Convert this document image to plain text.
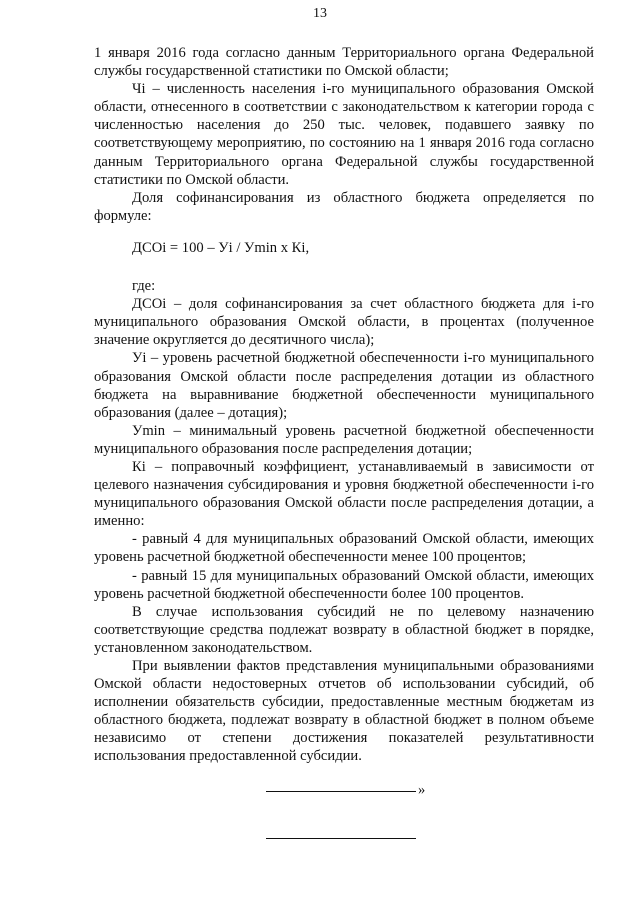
13

1 января 2016 года согласно данным Территориального органа Федеральной службы государственной статистики по Омской области;

Чi – численность населения i-го муниципального образования Омской области, отнесенного в соответствии с законодательством к категории города с численностью населения до 250 тыс. человек, подавшего заявку по соответствующему мероприятию, по состоянию на 1 января 2016 года согласно данным Территориального органа Федеральной службы государственной статистики по Омской области.

Доля софинансирования из областного бюджета определяется по формуле:

ДСОi = 100 – Уi / Уmin x Кi,

где:

ДСОi – доля софинансирования за счет областного бюджета для i-го муниципального образования Омской области, в процентах (полученное значение округляется до десятичного числа);

Уi – уровень расчетной бюджетной обеспеченности i-го муниципального образования Омской области после распределения дотации из областного бюджета на выравнивание бюджетной обеспеченности муниципального образования (далее – дотация);

Уmin – минимальный уровень расчетной бюджетной обеспеченности муниципального образования после распределения дотации;

Кi – поправочный коэффициент, устанавливаемый в зависимости от целевого назначения субсидирования и уровня бюджетной обеспеченности i-го муниципального образования Омской области после распределения дотации, а именно:

- равный 4 для муниципальных образований Омской области, имеющих уровень расчетной бюджетной обеспеченности менее 100 процентов;

- равный 15 для муниципальных образований Омской области, имеющих уровень расчетной бюджетной обеспеченности более 100 процентов.

В случае использования субсидий не по целевому назначению соответствующие средства подлежат возврату в областной бюджет в порядке, установленном законодательством.

При выявлении фактов представления муниципальными образованиями Омской области недостоверных отчетов об использовании субсидий, об исполнении обязательств субсидии, предоставленные местным бюджетам из областного бюджета, подлежат возврату в областной бюджет в полном объеме независимо от степени достижения показателей результативности использования предоставленной субсидии.

»
